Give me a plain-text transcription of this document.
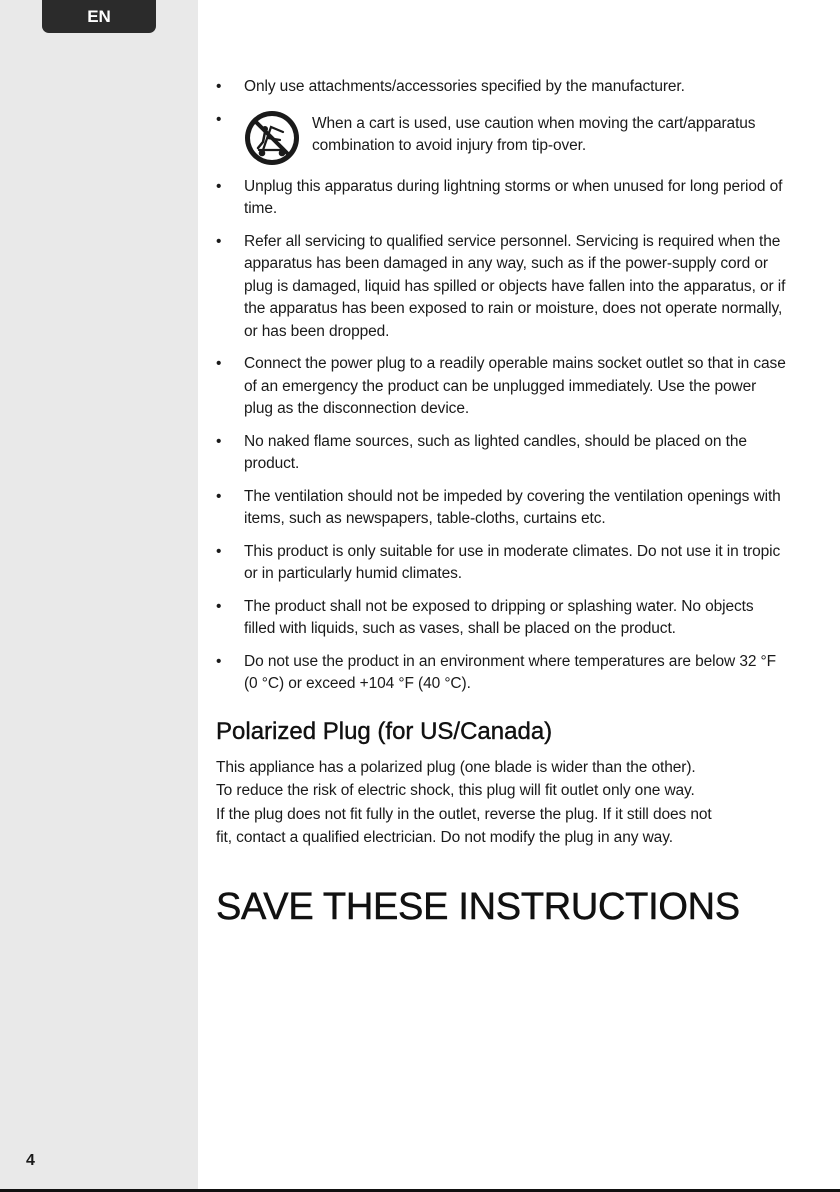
EN
4
•	Only use attachments/accessories specified by the manufacturer.
•	When a cart is used, use caution when moving the cart/apparatus combination to avoid injury from tip-over.
•	Unplug this apparatus during lightning storms or when unused for long period of time.
•	Refer all servicing to qualified service personnel. Servicing is required when the apparatus has been damaged in any way, such as if the power-supply cord or plug is damaged, liquid has spilled or objects have fallen into the apparatus, or if the apparatus has been exposed to rain or moisture, does not operate normally, or has been dropped.
•	Connect the power plug to a readily operable mains socket outlet so that in case of an emergency the product can be unplugged immediately. Use the power plug as the disconnection device.
•	No naked flame sources, such as lighted candles, should be placed on the product.
•	The ventilation should not be impeded by covering the ventilation openings with items, such as newspapers, table-cloths, curtains etc.
•	This product is only suitable for use in moderate climates. Do not use it in tropic or in particularly humid climates.
•	The product shall not be exposed to dripping or splashing water. No objects filled with liquids, such as vases, shall be placed on the product.
•	Do not use the product in an environment where temperatures are below 32 °F (0 °C) or exceed +104 °F (40 °C).
Polarized Plug (for US/Canada)

This appliance has a polarized plug (one blade is wider than the other).

To reduce the risk of electric shock, this plug will fit outlet only one way.

If the plug does not fit fully in the outlet, reverse the plug. If it still does not

fit, contact a qualified electrician. Do not modify the plug in any way.

SAVE THESE INSTRUCTIONS
